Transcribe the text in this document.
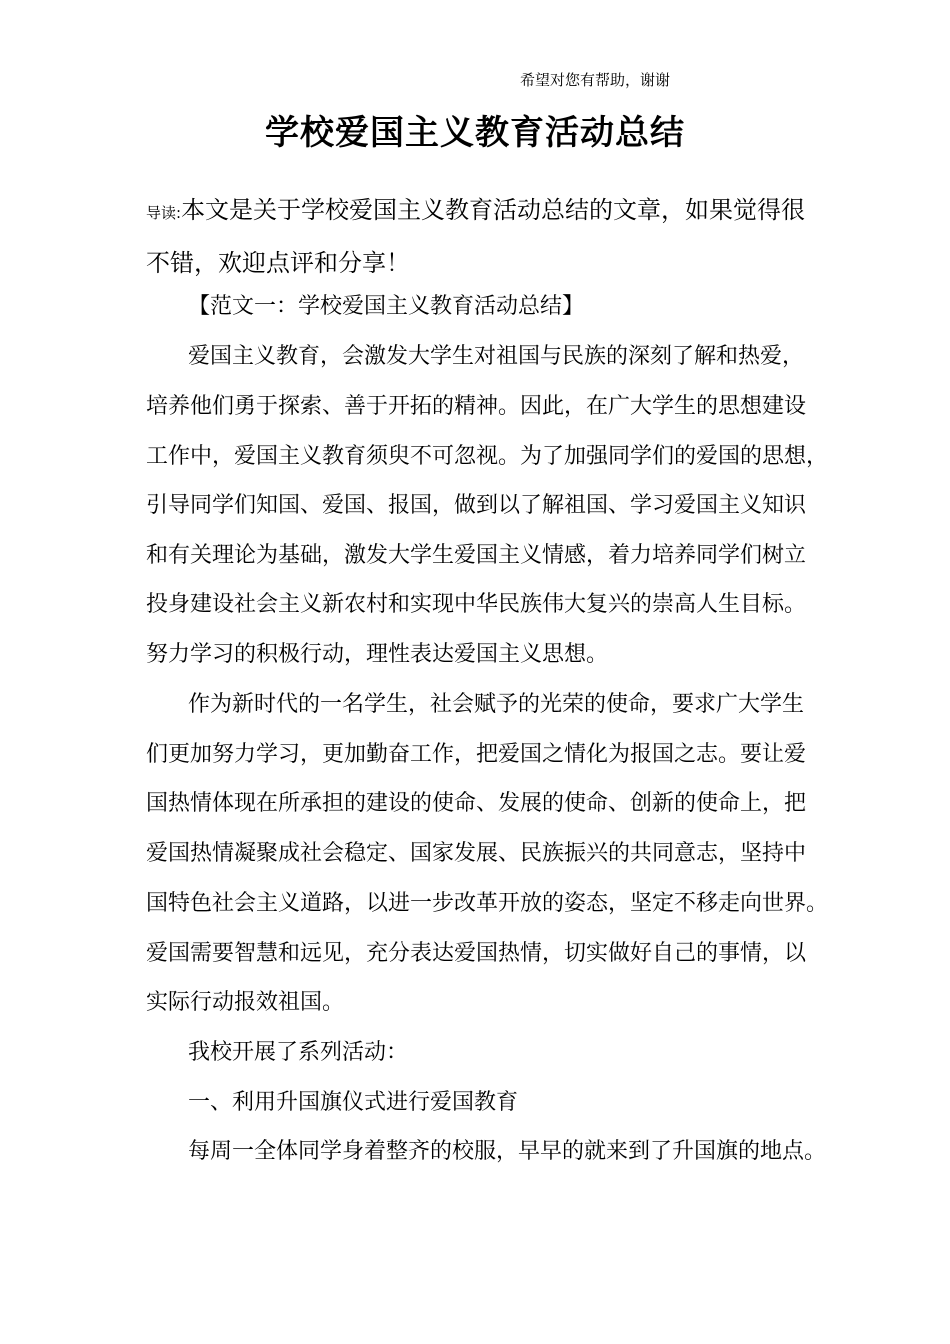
希望对您有帮助，谢谢
学校爱国主义教育活动总结
导读:本文是关于学校爱国主义教育活动总结的文章，如果觉得很不错，欢迎点评和分享！
【范文一：学校爱国主义教育活动总结】
爱国主义教育，会激发大学生对祖国与民族的深刻了解和热爱，
培养他们勇于探索、善于开拓的精神。因此，在广大学生的思想建设
工作中，爱国主义教育须臾不可忽视。为了加强同学们的爱国的思想，
引导同学们知国、爱国、报国，做到以了解祖国、学习爱国主义知识
和有关理论为基础，激发大学生爱国主义情感，着力培养同学们树立
投身建设社会主义新农村和实现中华民族伟大复兴的崇高人生目标。
努力学习的积极行动，理性表达爱国主义思想。
作为新时代的一名学生，社会赋予的光荣的使命，要求广大学生
们更加努力学习，更加勤奋工作，把爱国之情化为报国之志。要让爱
国热情体现在所承担的建设的使命、发展的使命、创新的使命上，把
爱国热情凝聚成社会稳定、国家发展、民族振兴的共同意志，坚持中
国特色社会主义道路，以进一步改革开放的姿态，坚定不移走向世界。
爱国需要智慧和远见，充分表达爱国热情，切实做好自己的事情，以
实际行动报效祖国。
我校开展了系列活动：
一、利用升国旗仪式进行爱国教育
每周一全体同学身着整齐的校服，早早的就来到了升国旗的地点。
